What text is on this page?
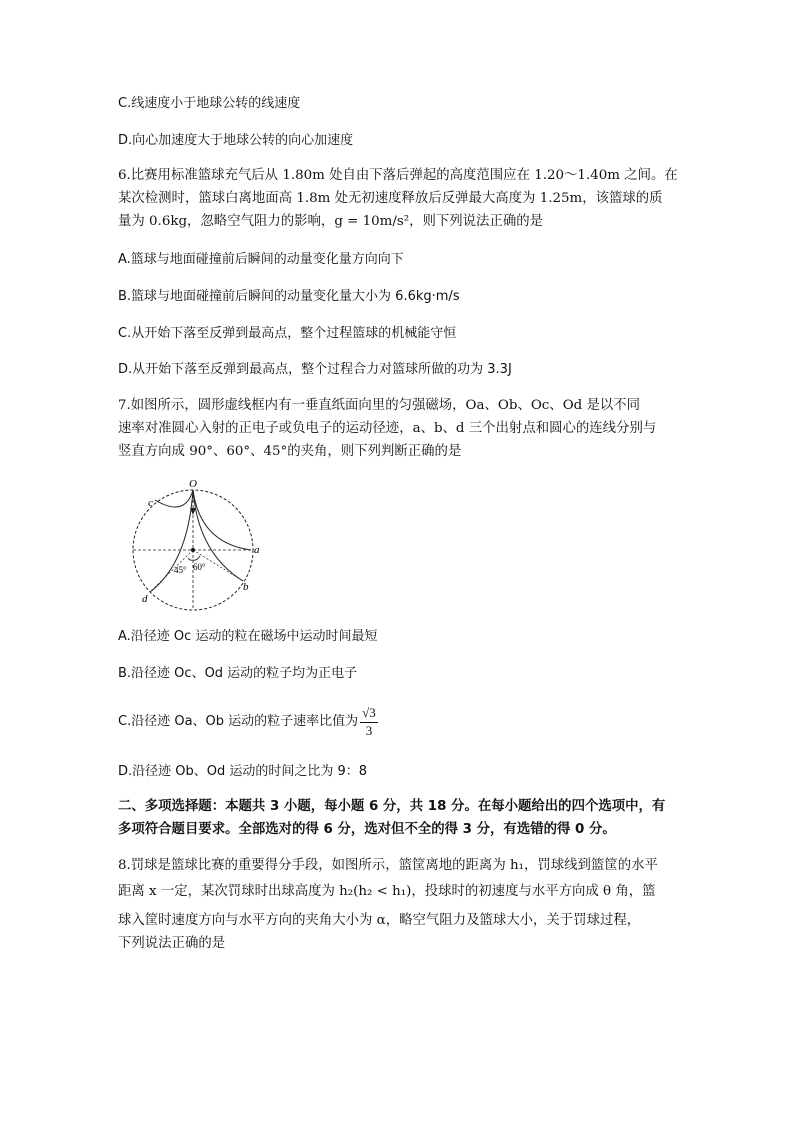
C.线速度小于地球公转的线速度
D.向心加速度大于地球公转的向心加速度
6.比赛用标准篮球充气后从 1.80m 处自由下落后弹起的高度范围应在 1.20～1.40m 之间。在
某次检测时，篮球白离地面高 1.8m 处无初速度释放后反弹最大高度为 1.25m，该篮球的质
量为 0.6kg，忽略空气阻力的影响，g = 10m/s²，则下列说法正确的是
A.篮球与地面碰撞前后瞬间的动量变化量方向向下
B.篮球与地面碰撞前后瞬间的动量变化量大小为 6.6kg·m/s
C.从开始下落至反弹到最高点，整个过程篮球的机械能守恒
D.从开始下落至反弹到最高点，整个过程合力对篮球所做的功为 3.3J
7.如图所示，圆形虚线框内有一垂直纸面向里的匀强磁场，Oa、Ob、Oc、Od 是以不同
速率对准圆心入射的正电子或负电子的运动径迹，a、b、d 三个出射点和圆心的连线分别与
竖直方向成 90°、60°、45°的夹角，则下列判断正确的是
O
c
a
b
d
45° 60°
A.沿径迹 Oc 运动的粒在磁场中运动时间最短
B.沿径迹 Oc、Od 运动的粒子均为正电子
C.沿径迹 Oa、Ob 运动的粒子速率比值为 $\frac{√3}{3}$
D.沿径迹 Ob、Od 运动的时间之比为 9：8
二、多项选择题：本题共 3 小题，每小题 6 分，共 18 分。在每小题给出的四个选项中，有
多项符合题目要求。全部选对的得 6 分，选对但不全的得 3 分，有选错的得 0 分。
8.罚球是篮球比赛的重要得分手段，如图所示，篮筐离地的距离为 h₁，罚球线到篮筐的水平
距离 x 一定，某次罚球时出球高度为 h₂(h₂ < h₁)，投球时的初速度与水平方向成 θ 角，篮
球入筐时速度方向与水平方向的夹角大小为 α，略空气阻力及篮球大小，关于罚球过程，
下列说法正确的是
